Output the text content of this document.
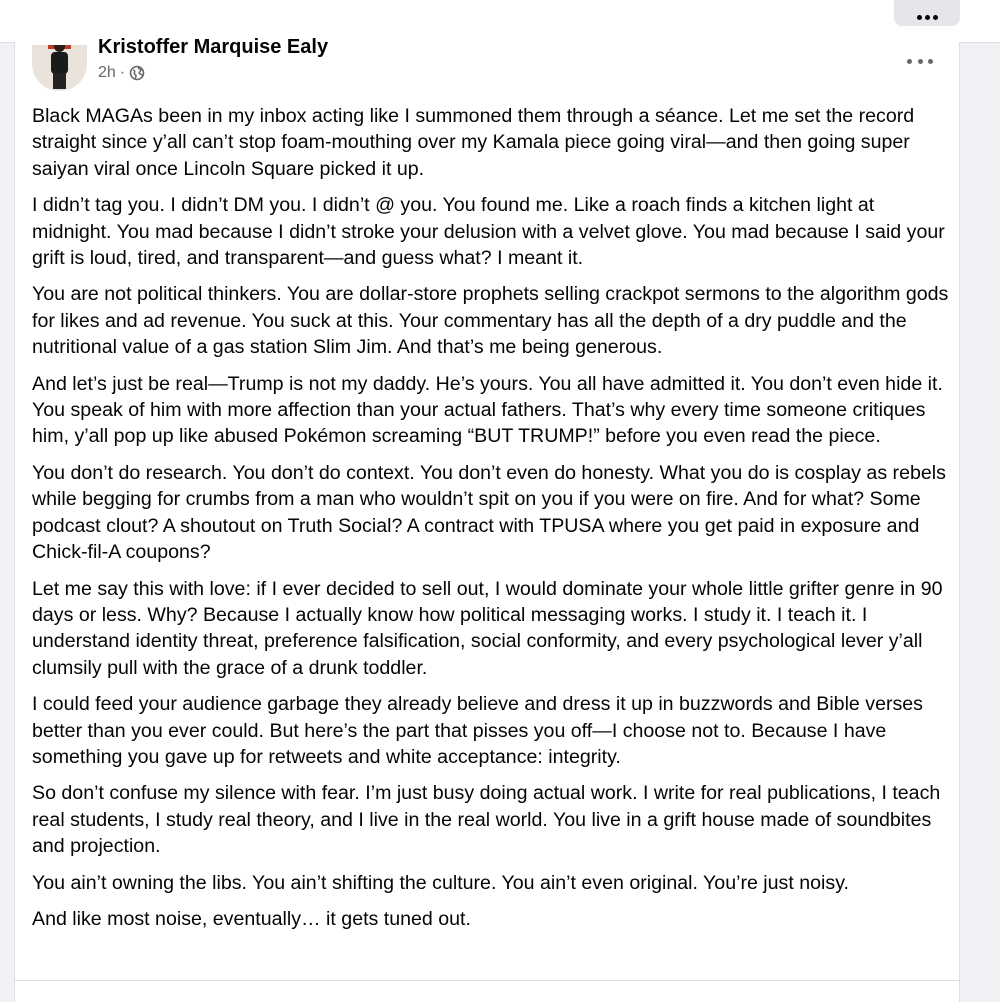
Kristoffer Marquise Ealy
2h ·

Black MAGAs been in my inbox acting like I summoned them through a séance. Let me set the record straight since y’all can’t stop foam-mouthing over my Kamala piece going viral—and then going super saiyan viral once Lincoln Square picked it up.

I didn’t tag you. I didn’t DM you. I didn’t @ you. You found me. Like a roach finds a kitchen light at midnight. You mad because I didn’t stroke your delusion with a velvet glove. You mad because I said your grift is loud, tired, and transparent—and guess what? I meant it.

You are not political thinkers. You are dollar-store prophets selling crackpot sermons to the algorithm gods for likes and ad revenue. You suck at this. Your commentary has all the depth of a dry puddle and the nutritional value of a gas station Slim Jim. And that’s me being generous.

And let’s just be real—Trump is not my daddy. He’s yours. You all have admitted it. You don’t even hide it. You speak of him with more affection than your actual fathers. That’s why every time someone critiques him, y’all pop up like abused Pokémon screaming “BUT TRUMP!” before you even read the piece.

You don’t do research. You don’t do context. You don’t even do honesty. What you do is cosplay as rebels while begging for crumbs from a man who wouldn’t spit on you if you were on fire. And for what? Some podcast clout? A shoutout on Truth Social? A contract with TPUSA where you get paid in exposure and Chick-fil-A coupons?

Let me say this with love: if I ever decided to sell out, I would dominate your whole little grifter genre in 90 days or less. Why? Because I actually know how political messaging works. I study it. I teach it. I understand identity threat, preference falsification, social conformity, and every psychological lever y’all clumsily pull with the grace of a drunk toddler.

I could feed your audience garbage they already believe and dress it up in buzzwords and Bible verses better than you ever could. But here’s the part that pisses you off—I choose not to. Because I have something you gave up for retweets and white acceptance: integrity.

So don’t confuse my silence with fear. I’m just busy doing actual work. I write for real publications, I teach real students, I study real theory, and I live in the real world. You live in a grift house made of soundbites and projection.

You ain’t owning the libs. You ain’t shifting the culture. You ain’t even original. You’re just noisy.

And like most noise, eventually… it gets tuned out.
